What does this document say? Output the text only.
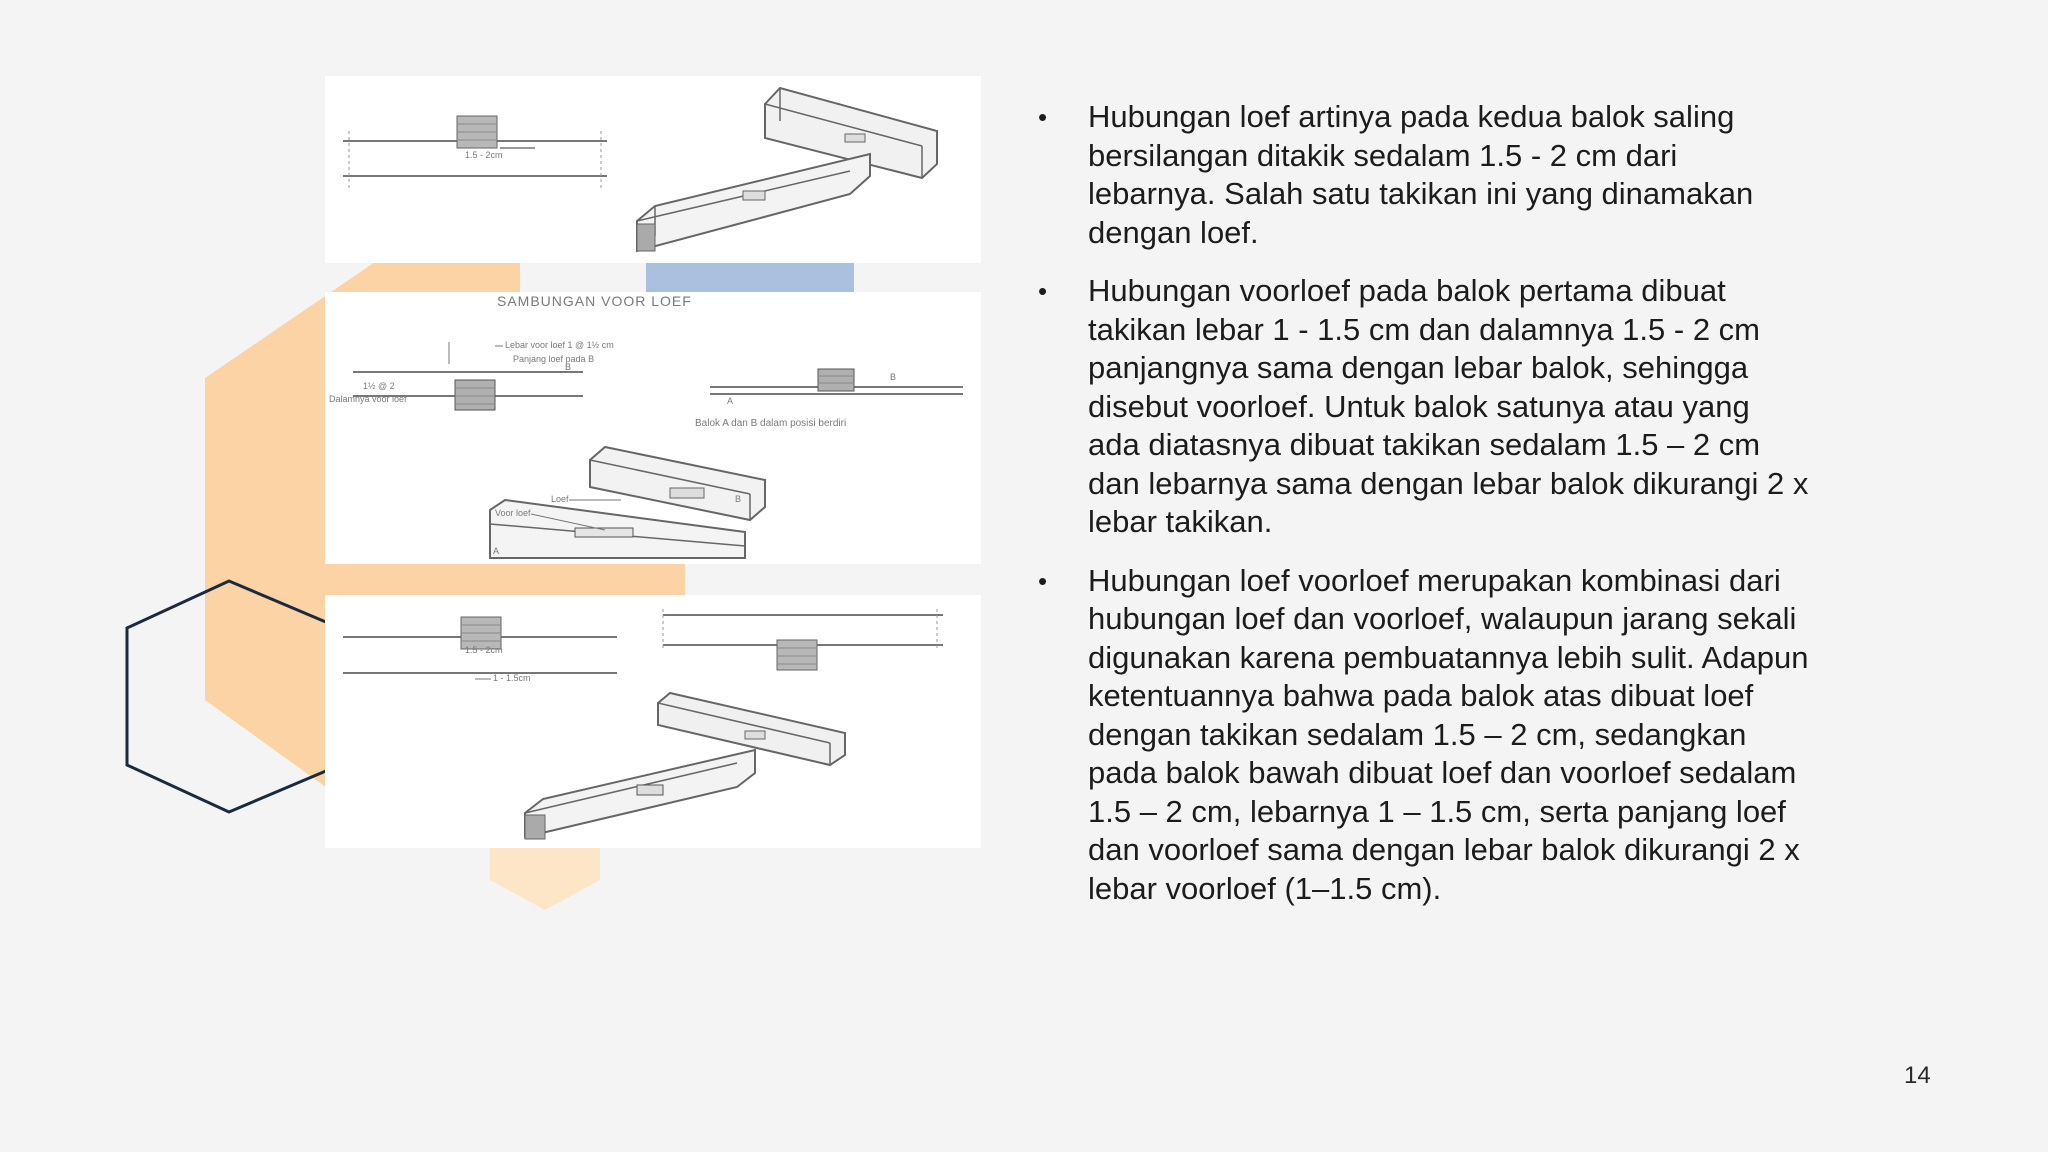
1.5 - 2cm
SAMBUNGAN VOOR LOEF
Lebar voor loef 1 @ 1½ cm
Panjang loef pada B
1½ @ 2
Dalamnya voor loef
B
A
B
Balok A dan B dalam posisi berdiri
Loef
Voor loef
A
B
1.5 - 2cm
1 - 1.5cm
• Hubungan loef artinya pada kedua balok saling bersilangan ditakik sedalam 1.5 - 2 cm dari lebarnya. Salah satu takikan ini yang dinamakan dengan loef.
• Hubungan voorloef pada balok pertama dibuat takikan lebar 1 - 1.5 cm dan dalamnya 1.5 - 2 cm panjangnya sama dengan lebar balok, sehingga disebut voorloef. Untuk balok satunya atau yang ada diatasnya dibuat takikan sedalam 1.5 – 2 cm dan lebarnya sama dengan lebar balok dikurangi 2 x lebar takikan.
• Hubungan loef voorloef merupakan kombinasi dari hubungan loef dan voorloef, walaupun jarang sekali digunakan karena pembuatannya lebih sulit. Adapun ketentuannya bahwa pada balok atas dibuat loef dengan takikan sedalam 1.5 – 2 cm, sedangkan pada balok bawah dibuat loef dan voorloef sedalam 1.5 – 2 cm, lebarnya 1 – 1.5 cm, serta panjang loef dan voorloef sama dengan lebar balok dikurangi 2 x lebar voorloef (1–1.5 cm).
14
